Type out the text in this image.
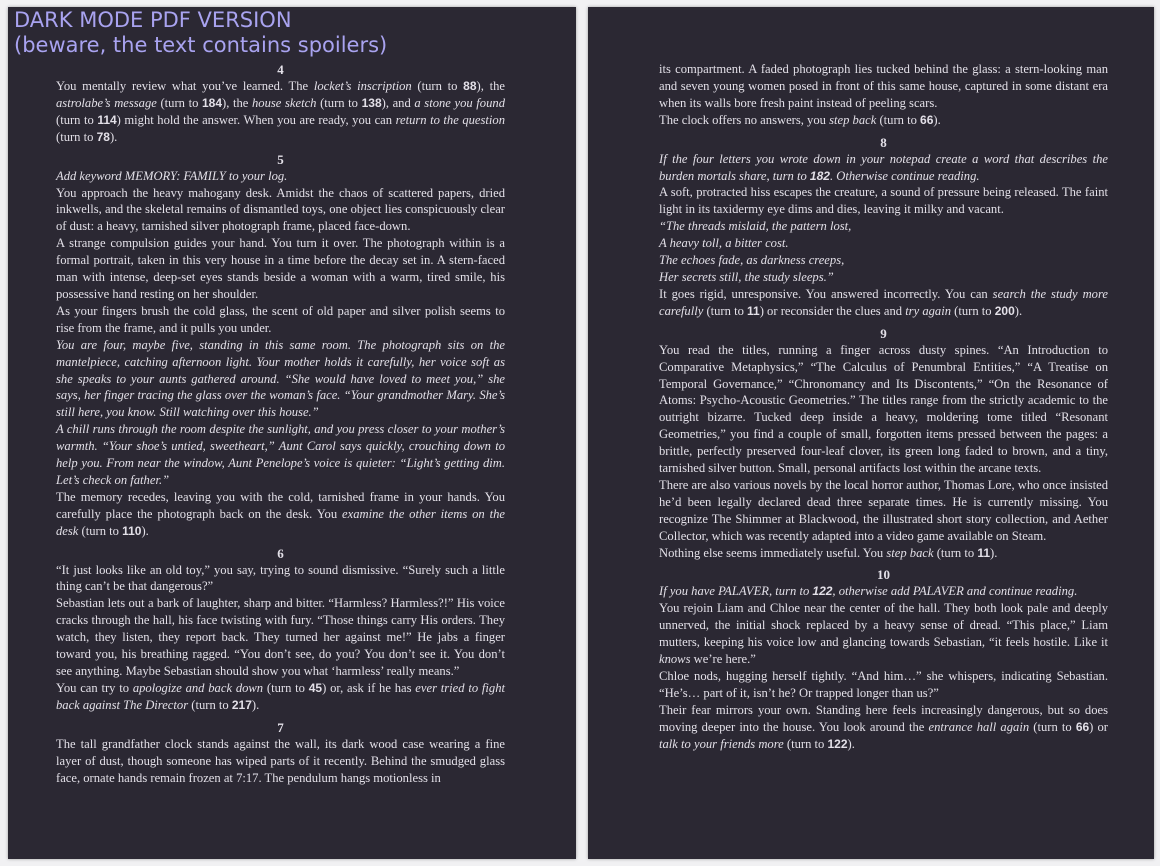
DARK MODE PDF VERSION
(beware, the text contains spoilers)

4

You mentally review what you’ve learned. The locket’s inscription (turn to 88), the astrolabe’s message (turn to 184), the house sketch (turn to 138), and a stone you found (turn to 114) might hold the answer. When you are ready, you can return to the question (turn to 78).

5

Add keyword MEMORY: FAMILY to your log.

You approach the heavy mahogany desk. Amidst the chaos of scattered papers, dried inkwells, and the skeletal remains of dismantled toys, one object lies conspicuously clear of dust: a heavy, tarnished silver photograph frame, placed face-down.

A strange compulsion guides your hand. You turn it over. The photograph within is a formal portrait, taken in this very house in a time before the decay set in. A stern-faced man with intense, deep-set eyes stands beside a woman with a warm, tired smile, his possessive hand resting on her shoulder.

As your fingers brush the cold glass, the scent of old paper and silver polish seems to rise from the frame, and it pulls you under.

You are four, maybe five, standing in this same room. The photograph sits on the mantelpiece, catching afternoon light. Your mother holds it carefully, her voice soft as she speaks to your aunts gathered around. “She would have loved to meet you,” she says, her finger tracing the glass over the woman’s face. “Your grandmother Mary. She’s still here, you know. Still watching over this house.”

A chill runs through the room despite the sunlight, and you press closer to your mother’s warmth. “Your shoe’s untied, sweetheart,” Aunt Carol says quickly, crouching down to help you. From near the window, Aunt Penelope’s voice is quieter: “Light’s getting dim. Let’s check on father.”

The memory recedes, leaving you with the cold, tarnished frame in your hands. You carefully place the photograph back on the desk. You examine the other items on the desk (turn to 110).

6

“It just looks like an old toy,” you say, trying to sound dismissive. “Surely such a little thing can’t be that dangerous?”

Sebastian lets out a bark of laughter, sharp and bitter. “Harmless? Harmless?!” His voice cracks through the hall, his face twisting with fury. “Those things carry His orders. They watch, they listen, they report back. They turned her against me!” He jabs a finger toward you, his breathing ragged. “You don’t see, do you? You don’t see it. You don’t see anything. Maybe Sebastian should show you what ‘harmless’ really means.”

You can try to apologize and back down (turn to 45) or, ask if he has ever tried to fight back against The Director (turn to 217).

7

The tall grandfather clock stands against the wall, its dark wood case wearing a fine layer of dust, though someone has wiped parts of it recently. Behind the smudged glass face, ornate hands remain frozen at 7:17. The pendulum hangs motionless in

its compartment. A faded photograph lies tucked behind the glass: a stern-looking man and seven young women posed in front of this same house, captured in some distant era when its walls bore fresh paint instead of peeling scars.

The clock offers no answers, you step back (turn to 66).

8

If the four letters you wrote down in your notepad create a word that describes the burden mortals share, turn to 182. Otherwise continue reading.

A soft, protracted hiss escapes the creature, a sound of pressure being released. The faint light in its taxidermy eye dims and dies, leaving it milky and vacant.

“The threads mislaid, the pattern lost,

A heavy toll, a bitter cost.

The echoes fade, as darkness creeps,

Her secrets still, the study sleeps.”

It goes rigid, unresponsive. You answered incorrectly. You can search the study more carefully (turn to 11) or reconsider the clues and try again (turn to 200).

9

You read the titles, running a finger across dusty spines. “An Introduction to Comparative Metaphysics,” “The Calculus of Penumbral Entities,” “A Treatise on Temporal Governance,” “Chronomancy and Its Discontents,” “On the Resonance of Atoms: Psycho-Acoustic Geometries.” The titles range from the strictly academic to the outright bizarre. Tucked deep inside a heavy, moldering tome titled “Resonant Geometries,” you find a couple of small, forgotten items pressed between the pages: a brittle, perfectly preserved four-leaf clover, its green long faded to brown, and a tiny, tarnished silver button. Small, personal artifacts lost within the arcane texts.

There are also various novels by the local horror author, Thomas Lore, who once insisted he’d been legally declared dead three separate times. He is currently missing. You recognize The Shimmer at Blackwood, the illustrated short story collection, and Aether Collector, which was recently adapted into a video game available on Steam.

Nothing else seems immediately useful. You step back (turn to 11).

10

If you have PALAVER, turn to 122, otherwise add PALAVER and continue reading.

You rejoin Liam and Chloe near the center of the hall. They both look pale and deeply unnerved, the initial shock replaced by a heavy sense of dread. “This place,” Liam mutters, keeping his voice low and glancing towards Sebastian, “it feels hostile. Like it knows we’re here.”

Chloe nods, hugging herself tightly. “And him…” she whispers, indicating Sebastian. “He’s… part of it, isn’t he? Or trapped longer than us?”

Their fear mirrors your own. Standing here feels increasingly dangerous, but so does moving deeper into the house. You look around the entrance hall again (turn to 66) or talk to your friends more (turn to 122).
